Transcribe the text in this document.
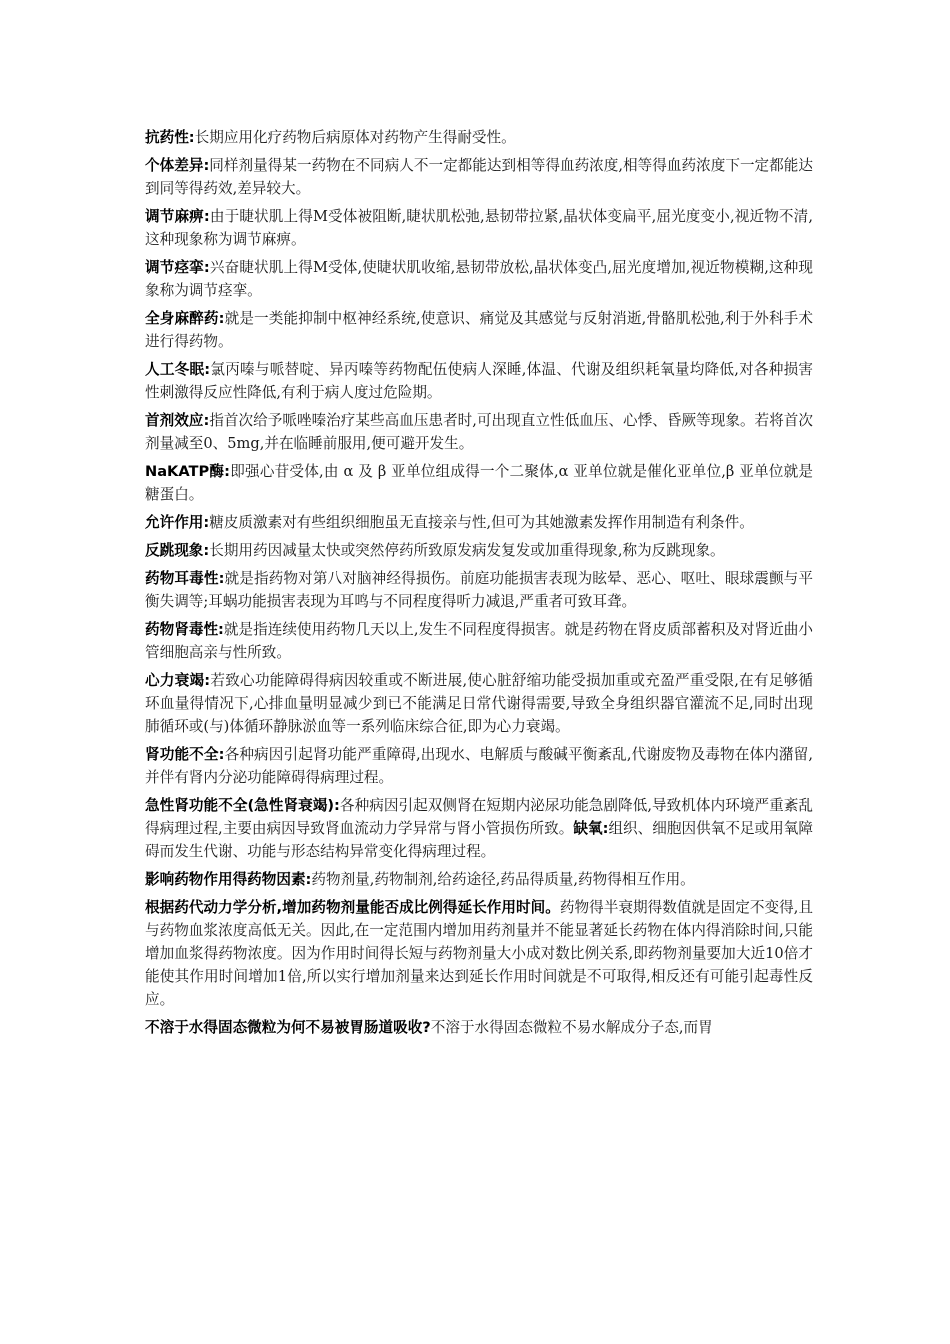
抗药性:长期应用化疗药物后病原体对药物产生得耐受性。

个体差异:同样剂量得某一药物在不同病人不一定都能达到相等得血药浓度,相等得血药浓度下一定都能达到同等得药效,差异较大。

调节麻痹:由于睫状肌上得M受体被阻断,睫状肌松弛,悬韧带拉紧,晶状体变扁平,屈光度变小,视近物不清,这种现象称为调节麻痹。

调节痉挛:兴奋睫状肌上得M受体,使睫状肌收缩,悬韧带放松,晶状体变凸,屈光度增加,视近物模糊,这种现象称为调节痉挛。

全身麻醉药:就是一类能抑制中枢神经系统,使意识、痛觉及其感觉与反射消逝,骨骼肌松弛,利于外科手术进行得药物。

人工冬眠:氯丙嗪与哌替啶、异丙嗪等药物配伍使病人深睡,体温、代谢及组织耗氧量均降低,对各种损害性刺激得反应性降低,有利于病人度过危险期。

首剂效应:指首次给予哌唑嗪治疗某些高血压患者时,可出现直立性低血压、心悸、昏厥等现象。若将首次剂量减至0、5mg,并在临睡前服用,便可避开发生。

NaKATP酶:即强心苷受体,由 α 及 β 亚单位组成得一个二聚体,α 亚单位就是催化亚单位,β 亚单位就是糖蛋白。

允许作用:糖皮质激素对有些组织细胞虽无直接亲与性,但可为其她激素发挥作用制造有利条件。

反跳现象:长期用药因减量太快或突然停药所致原发病发复发或加重得现象,称为反跳现象。

药物耳毒性:就是指药物对第八对脑神经得损伤。前庭功能损害表现为眩晕、恶心、呕吐、眼球震颤与平衡失调等;耳蜗功能损害表现为耳鸣与不同程度得听力减退,严重者可致耳聋。

药物肾毒性:就是指连续使用药物几天以上,发生不同程度得损害。就是药物在肾皮质部蓄积及对肾近曲小管细胞高亲与性所致。

心力衰竭:若致心功能障碍得病因较重或不断进展,使心脏舒缩功能受损加重或充盈严重受限,在有足够循环血量得情况下,心排血量明显减少到已不能满足日常代谢得需要,导致全身组织器官灌流不足,同时出现肺循环或(与)体循环静脉淤血等一系列临床综合征,即为心力衰竭。

肾功能不全:各种病因引起肾功能严重障碍,出现水、电解质与酸碱平衡紊乱,代谢废物及毒物在体内潴留,并伴有肾内分泌功能障碍得病理过程。

急性肾功能不全(急性肾衰竭):各种病因引起双侧肾在短期内泌尿功能急剧降低,导致机体内环境严重紊乱得病理过程,主要由病因导致肾血流动力学异常与肾小管损伤所致。缺氧:组织、细胞因供氧不足或用氧障碍而发生代谢、功能与形态结构异常变化得病理过程。

影响药物作用得药物因素:药物剂量,药物制剂,给药途径,药品得质量,药物得相互作用。

根据药代动力学分析,增加药物剂量能否成比例得延长作用时间。药物得半衰期得数值就是固定不变得,且与药物血浆浓度高低无关。因此,在一定范围内增加用药剂量并不能显著延长药物在体内得消除时间,只能增加血浆得药物浓度。因为作用时间得长短与药物剂量大小成对数比例关系,即药物剂量要加大近10倍才能使其作用时间增加1倍,所以实行增加剂量来达到延长作用时间就是不可取得,相反还有可能引起毒性反应。

不溶于水得固态微粒为何不易被胃肠道吸收?不溶于水得固态微粒不易水解成分子态,而胃
